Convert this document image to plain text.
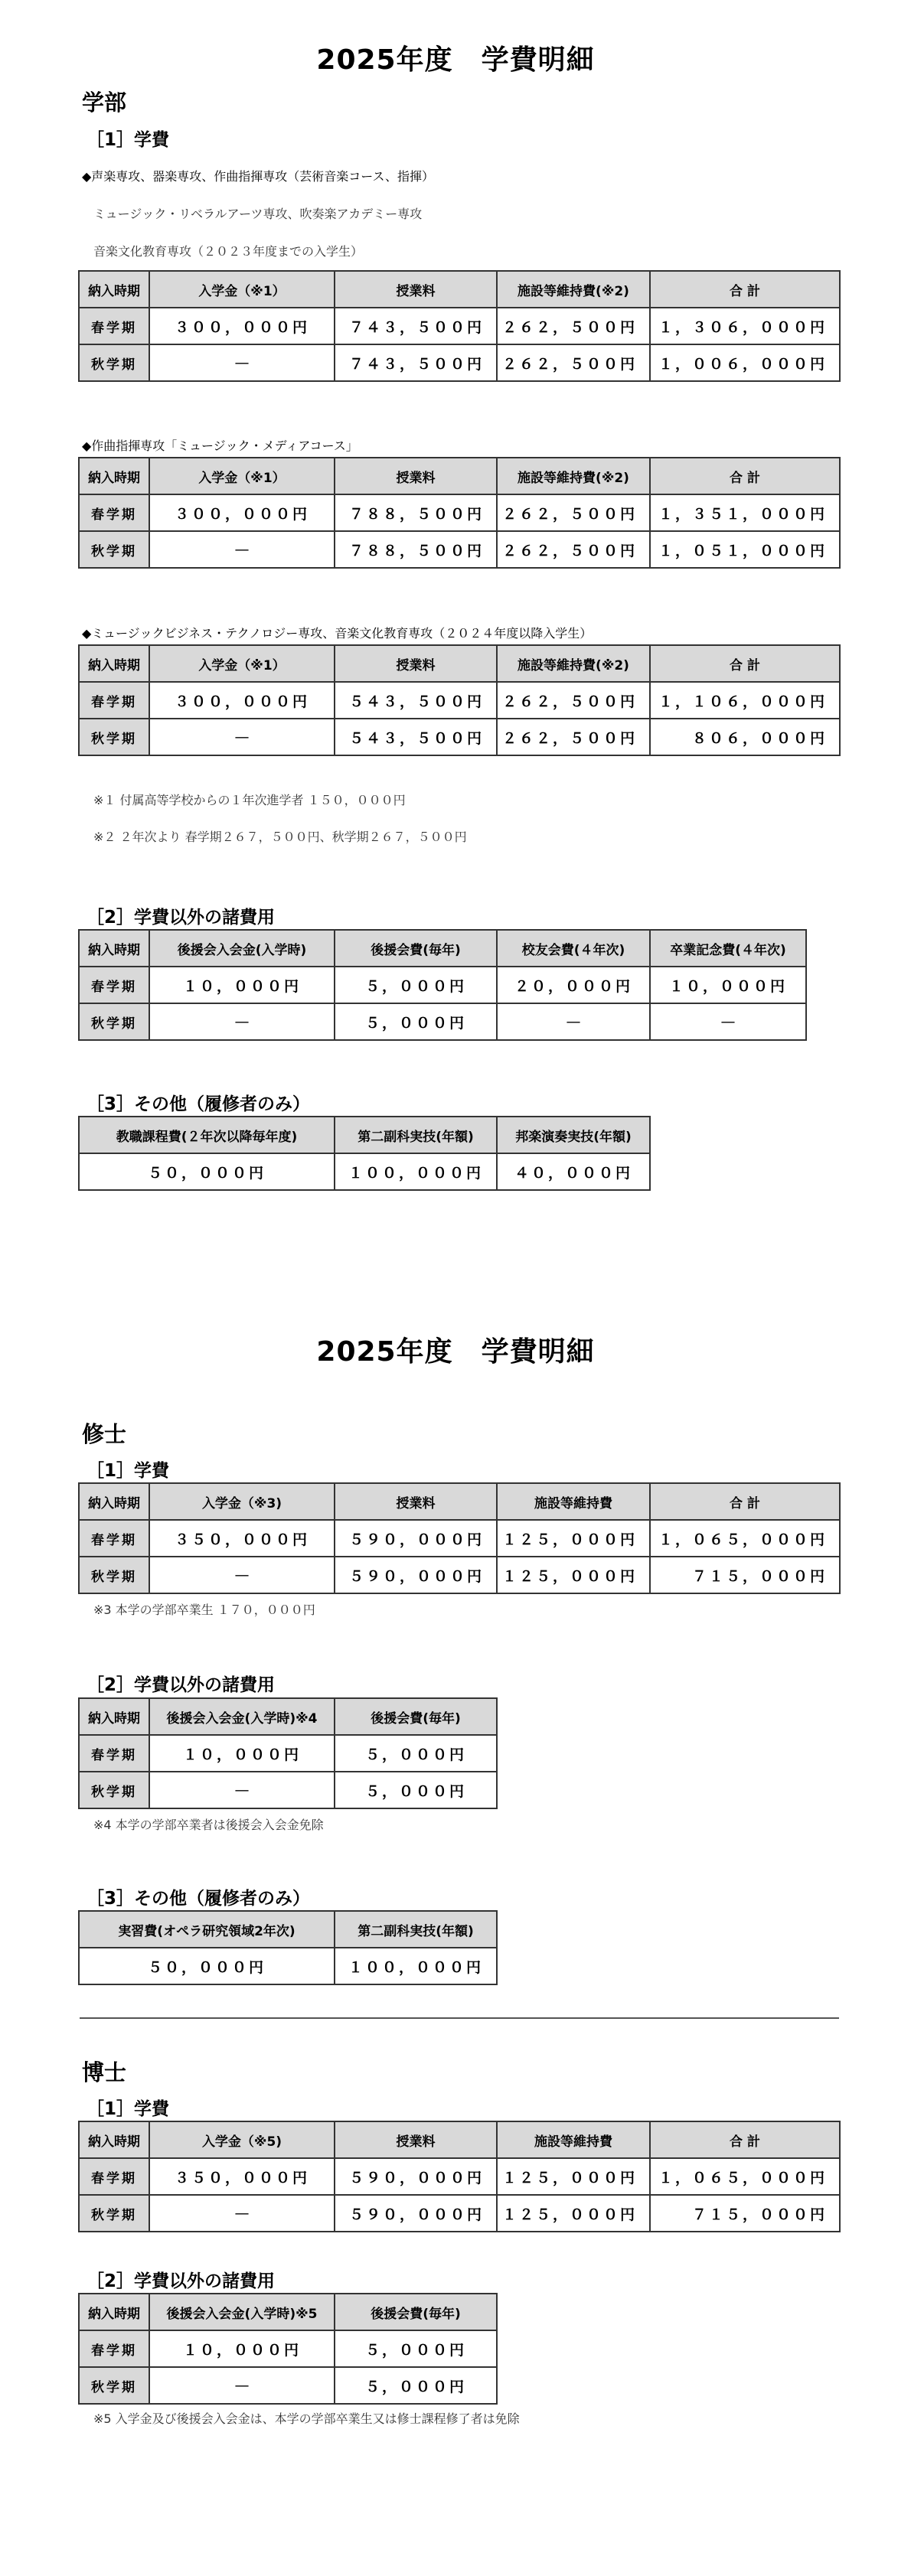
2025年度　学費明細
学部
［1］学費
◆声楽専攻、器楽専攻、作曲指揮専攻（芸術音楽コース、指揮）
ミュージック・リベラルアーツ専攻、吹奏楽アカデミー専攻
音楽文化教育専攻（２０２３年度までの入学生）
納入時期	入学金（※1）	授業料	施設等維持費(※2)	合 計
春学期	３００，０００円	７４３，５００円	２６２，５００円	１，３０６，０００円
秋学期	—	７４３，５００円	２６２，５００円	１，００６，０００円
◆作曲指揮専攻「ミュージック・メディアコース」
納入時期	入学金（※1）	授業料	施設等維持費(※2)	合 計
春学期	３００，０００円	７８８，５００円	２６２，５００円	１，３５１，０００円
秋学期	—	７８８，５００円	２６２，５００円	１，０５１，０００円
◆ミュージックビジネス・テクノロジー専攻、音楽文化教育専攻（２０２４年度以降入学生）
納入時期	入学金（※1）	授業料	施設等維持費(※2)	合 計
春学期	３００，０００円	５４３，５００円	２６２，５００円	１，１０６，０００円
秋学期	—	５４３，５００円	２６２，５００円	８０６，０００円
※１ 付属高等学校からの１年次進学者 １５０，０００円
※２ ２年次より 春学期２６７，５００円、秋学期２６７，５００円
［2］学費以外の諸費用
納入時期	後援会入会金(入学時)	後援会費(毎年)	校友会費(４年次)	卒業記念費(４年次)
春学期	１０，０００円	５，０００円	２０，０００円	１０，０００円
秋学期	—	５，０００円	—	—
［3］その他（履修者のみ）
教職課程費(２年次以降毎年度)	第二副科実技(年額)	邦楽演奏実技(年額)
５０，０００円	１００，０００円	４０，０００円
2025年度　学費明細
修士
［1］学費
納入時期	入学金（※3)	授業料	施設等維持費	合 計
春学期	３５０，０００円	５９０，０００円	１２５，０００円	１，０６５，０００円
秋学期	—	５９０，０００円	１２５，０００円	７１５，０００円
※3 本学の学部卒業生 １７０，０００円
［2］学費以外の諸費用
納入時期	後援会入会金(入学時)※4	後援会費(毎年)
春学期	１０，０００円	５，０００円
秋学期	—	５，０００円
※4 本学の学部卒業者は後援会入会金免除
［3］その他（履修者のみ）
実習費(オペラ研究領域2年次)	第二副科実技(年額)
５０，０００円	１００，０００円
博士
［1］学費
納入時期	入学金（※5)	授業料	施設等維持費	合 計
春学期	３５０，０００円	５９０，０００円	１２５，０００円	１，０６５，０００円
秋学期	—	５９０，０００円	１２５，０００円	７１５，０００円
［2］学費以外の諸費用
納入時期	後援会入会金(入学時)※5	後援会費(毎年)
春学期	１０，０００円	５，０００円
秋学期	—	５，０００円
※5 入学金及び後援会入会金は、本学の学部卒業生又は修士課程修了者は免除
